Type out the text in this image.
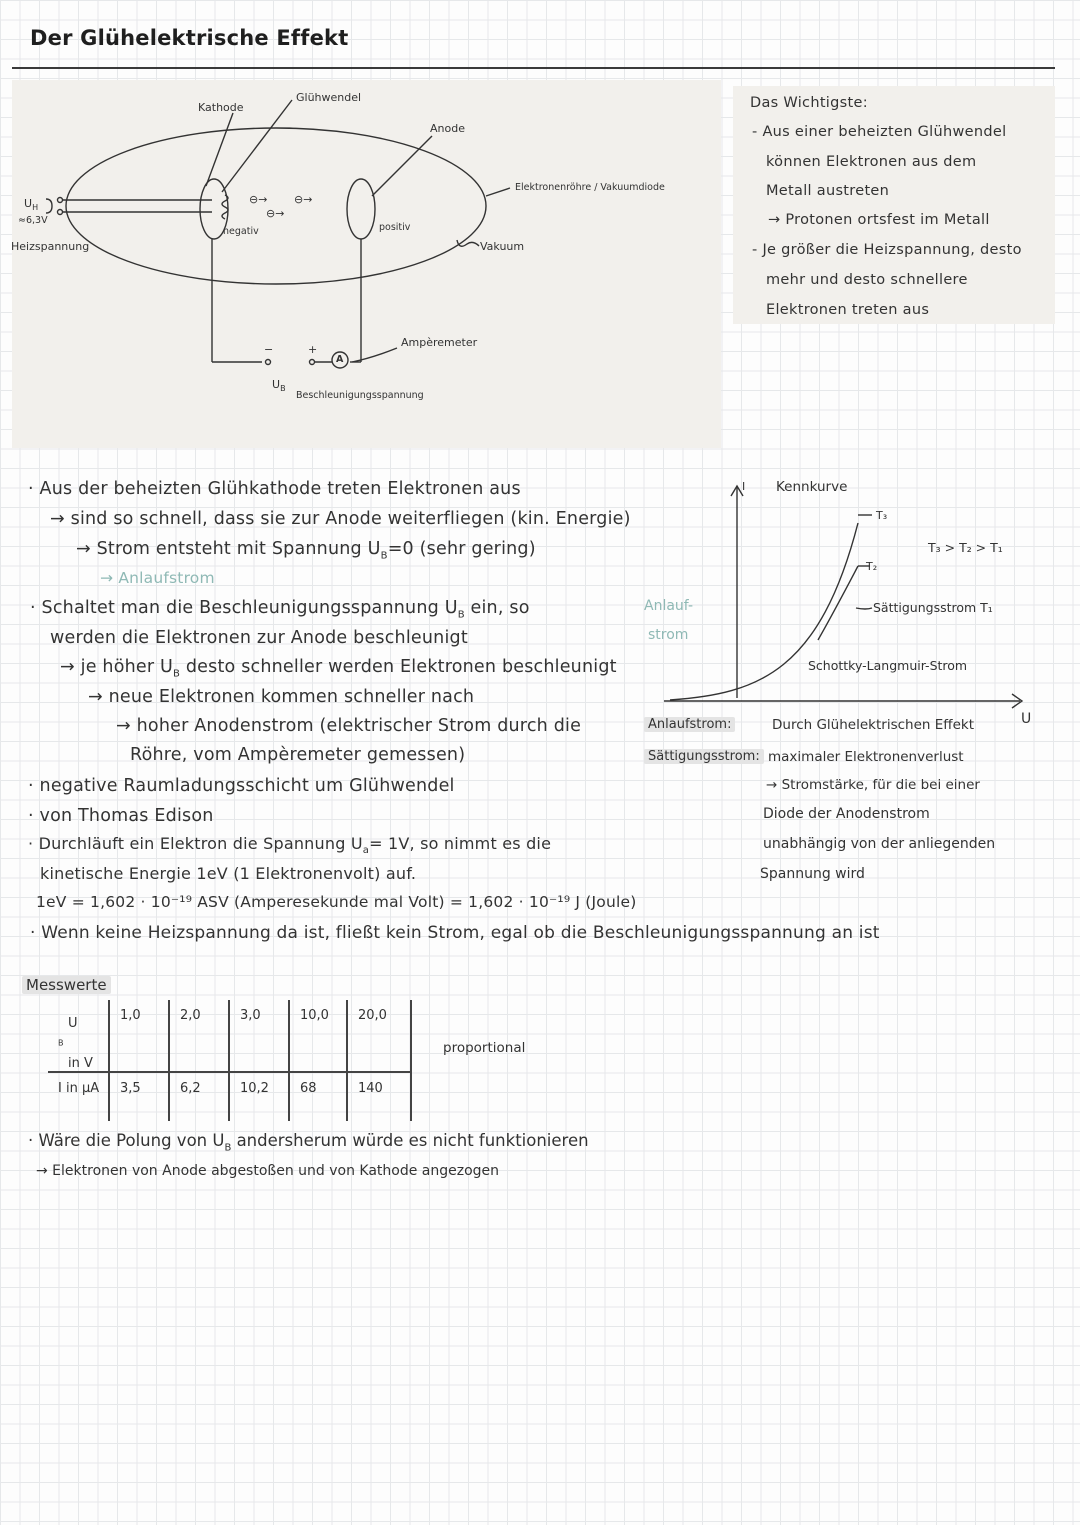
Der Glühelektrische Effekt
Kathode
Glühwendel
Anode
Elektronenröhre / Vakuumdiode
$U_H$
≈6,3V
Heizspannung
negativ	positiv
Vakuum
⊖→ ⊖→
⊖→
A
−	+
Ampèremeter
$U_B$
Beschleunigungsspannung
Das Wichtigste:
- Aus einer beheizten Glühwendel
können Elektronen aus dem
Metall austreten
→ Protonen ortsfest im Metall
- Je größer die Heizspannung, desto
mehr und desto schnellere
Elektronen treten aus
· Aus der beheizten Glühkathode treten Elektronen aus
→ sind so schnell, dass sie zur Anode weiterfliegen (kin. Energie)
→ Strom entsteht mit Spannung $U_B=0$ (sehr gering)
→ Anlaufstrom
· Schaltet man die Beschleunigungsspannung $U_B$ ein, so
werden die Elektronen zur Anode beschleunigt
→ je höher $U_B$ desto schneller werden Elektronen beschleunigt
→ neue Elektronen kommen schneller nach
→ hoher Anodenstrom (elektrischer Strom durch die
Röhre, vom Ampèremeter gemessen)
· negative Raumladungsschicht um Glühwendel
· von Thomas Edison
· Durchläuft ein Elektron die Spannung $U_a= 1V$, so nimmt es die
kinetische Energie 1eV (1 Elektronenvolt) auf.
1eV = 1,602 · 10⁻¹⁹ ASV (Amperesekunde mal Volt) = 1,602 · 10⁻¹⁹ J (Joule)
· Wenn keine Heizspannung da ist, fließt kein Strom, egal ob die Beschleunigungsspannung an ist
I Kennkurve
T₃
T₂
T₃ > T₂ > T₁
Sättigungsstrom T₁
Schottky-Langmuir-Strom
Anlauf-
strom
U
Anlaufstrom:	Durch Glühelektrischen Effekt
Sättigungsstrom: maximaler Elektronenverlust
→ Stromstärke, für die bei einer
Diode der Anodenstrom
unabhängig von der anliegenden
Spannung wird
Messwerte
U
$_B$
in V	1,0	2,0	3,0	10,0	20,0	

I in µA	3,5	6,2	10,2	68	140	

proportional
· Wäre die Polung von $U_B$ andersherum würde es nicht funktionieren
→ Elektronen von Anode abgestoßen und von Kathode angezogen
